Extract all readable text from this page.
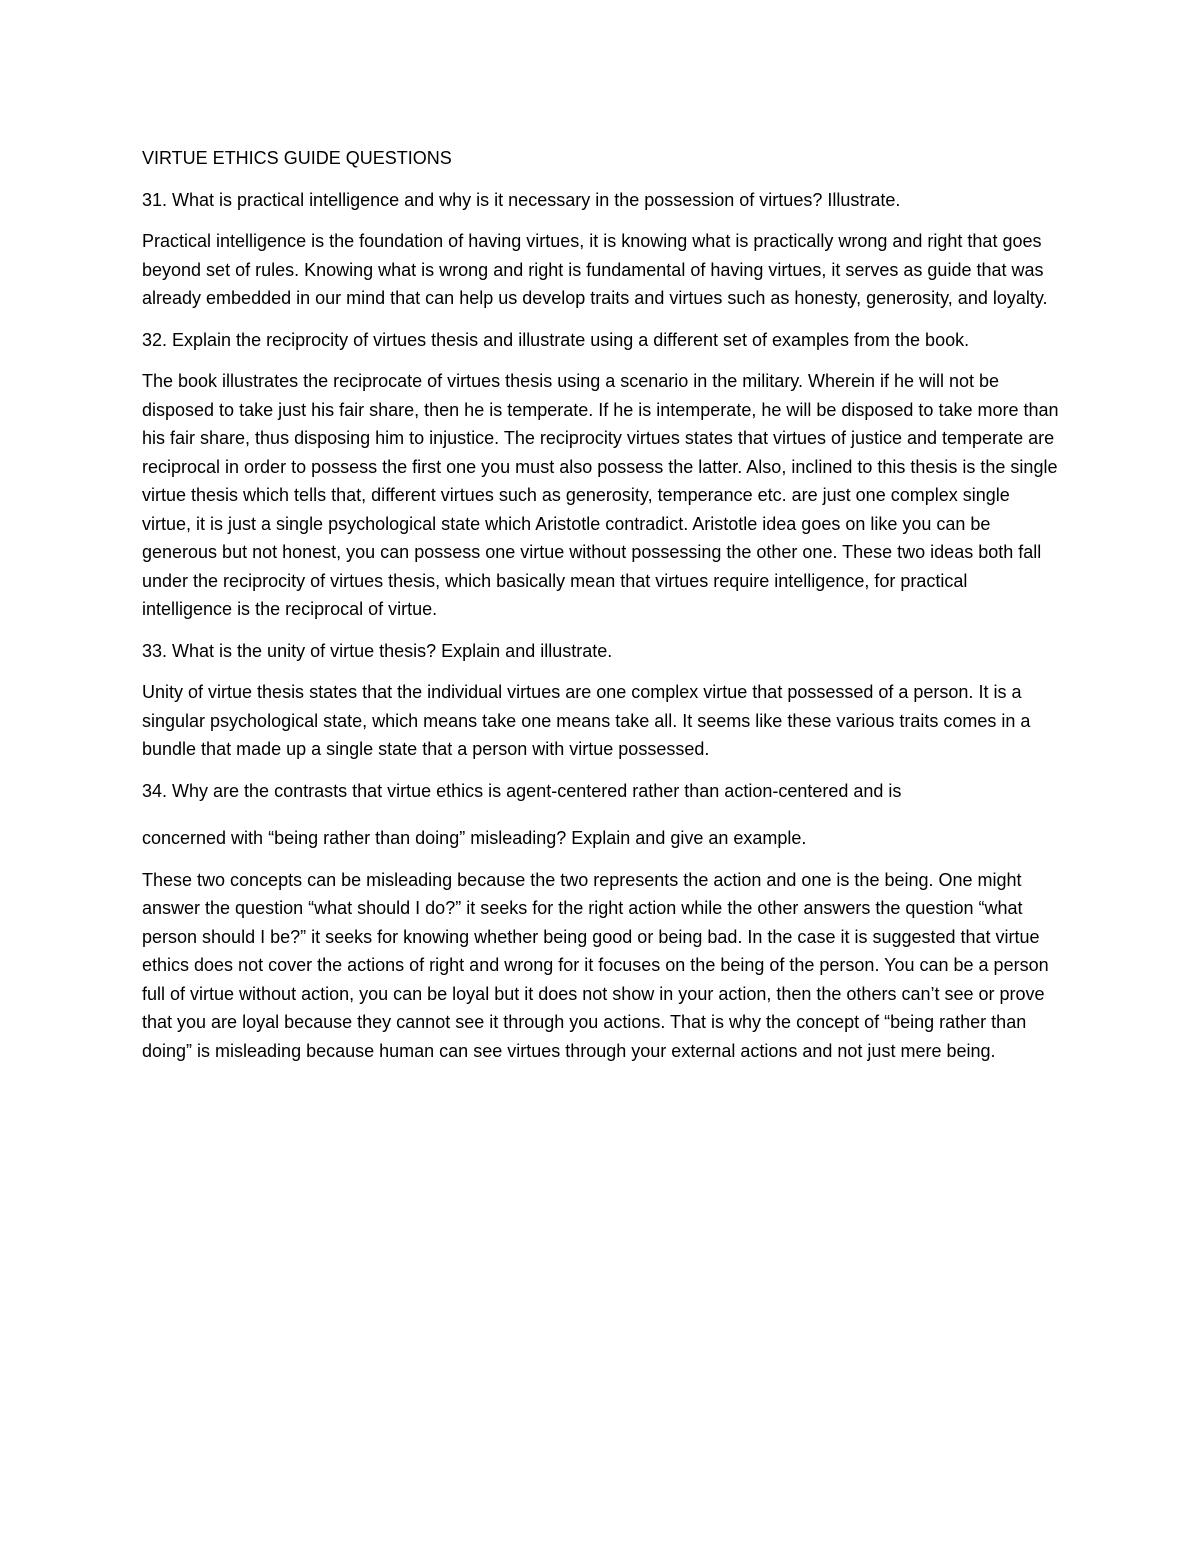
VIRTUE ETHICS GUIDE QUESTIONS
31. What is practical intelligence and why is it necessary in the possession of virtues? Illustrate.
Practical intelligence is the foundation of having virtues, it is knowing what is practically wrong and right that goes beyond set of rules. Knowing what is wrong and right is fundamental of having virtues, it serves as guide that was already embedded in our mind that can help us develop traits and virtues such as honesty, generosity, and loyalty.
32. Explain the reciprocity of virtues thesis and illustrate using a different set of examples from the book.
The book illustrates the reciprocate of virtues thesis using a scenario in the military. Wherein if he will not be disposed to take just his fair share, then he is temperate. If he is intemperate, he will be disposed to take more than his fair share, thus disposing him to injustice. The reciprocity virtues states that virtues of justice and temperate are reciprocal in order to possess the first one you must also possess the latter. Also, inclined to this thesis is the single virtue thesis which tells that, different virtues such as generosity, temperance etc. are just one complex single virtue, it is just a single psychological state which Aristotle contradict. Aristotle idea goes on like you can be generous but not honest, you can possess one virtue without possessing the other one. These two ideas both fall under the reciprocity of virtues thesis, which basically mean that virtues require intelligence, for practical intelligence is the reciprocal of virtue.
33. What is the unity of virtue thesis? Explain and illustrate.
Unity of virtue thesis states that the individual virtues are one complex virtue that possessed of a person. It is a singular psychological state, which means take one means take all. It seems like these various traits comes in a bundle that made up a single state that a person with virtue possessed.
34. Why are the contrasts that virtue ethics is agent-centered rather than action-centered and is
concerned with “being rather than doing” misleading? Explain and give an example.
These two concepts can be misleading because the two represents the action and one is the being. One might answer the question “what should I do?” it seeks for the right action while the other answers the question “what person should I be?” it seeks for knowing whether being good or being bad. In the case it is suggested that virtue ethics does not cover the actions of right and wrong for it focuses on the being of the person. You can be a person full of virtue without action, you can be loyal but it does not show in your action, then the others can’t see or prove that you are loyal because they cannot see it through you actions. That is why the concept of “being rather than doing” is misleading because human can see virtues through your external actions and not just mere being.
